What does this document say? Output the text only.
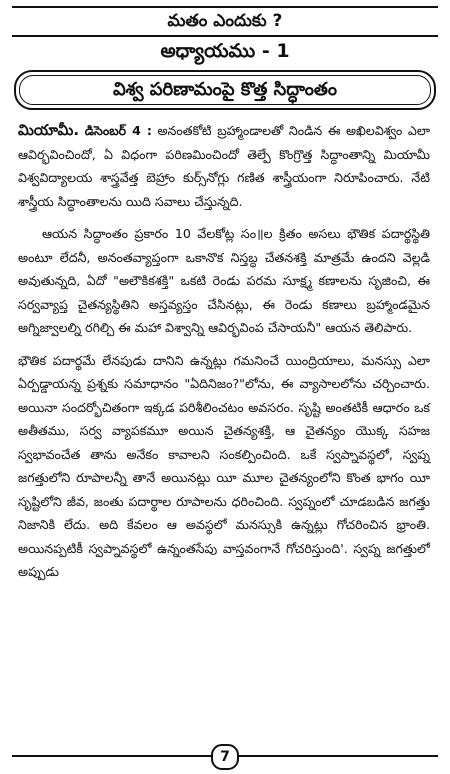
మతం ఎందుకు ?
అధ్యాయము - 1
విశ్వ పరిణామంపై కొత్త సిద్ధాంతం

మియామీ. డిసెంబర్ 4 : అనంతకోటి బ్రహ్మాండాలతో నిండిన ఈ అఖిలవిశ్వం ఎలా ఆవిర్భవించిందో, ఏ విధంగా పరిణమించిందో తెల్పే కొంగ్రొత్త సిద్ధాంతాన్ని మియామీ విశ్వవిద్యాలయ శాస్త్రవేత్త బెహ్రాం కుర్స్‌నోగ్లు గణిత శాస్త్రీయంగా నిరూపించారు. నేటి శాస్త్రీయ సిద్ధాంతాలను యిది సవాలు చేస్తున్నది.

ఆయన సిద్ధాంతం ప్రకారం 10 వేలకోట్ల సం॥ల క్రితం అసలు భౌతిక పదార్థస్థితి అంటూ లేదనీ, అనంతవ్యాప్తంగా ఒకానొక నిస్తబ్ధ చేతనశక్తి మాత్రమే ఉందని వెల్లడి అవుతున్నది, ఏదో "అలౌకికశక్తి" ఒకటి రెండు పరమ సూక్ష్మ కణాలను సృజించి, ఈ సర్వవ్యాప్త చైతన్యస్థితిని అస్తవ్యస్తం చేసినట్లు, ఈ రెండు కణాలు బ్రహ్మాండమైన అగ్నిజ్వాలల్ని రగిల్చి ఈ మహా విశ్వాన్ని ఆవిర్భవింప చేసాయనీ" ఆయన తెలిపారు.

భౌతిక పదార్థమే లేనపుడు దానిని ఉన్నట్లు గమనించే యింద్రియాలు, మనస్సు ఎలా ఏర్పడ్డాయన్న ప్రశ్నకు సమాధానం "ఏదినిజం?"లోను, ఈ వ్యాసాలలోను చర్చించారు. అయినా సందర్భోచితంగా ఇక్కడ పరిశీలించటం అవసరం. సృష్టి అంతటికీ ఆధారం ఒక అతీతము, సర్వ వ్యాపకమూ అయిన చైతన్యశక్తి, ఆ చైతన్యం యొక్క సహజ స్వభావంచేత తాను అనేకం కావాలని సంకల్పించింది. ఒకే స్వప్నావస్థలో, స్వప్న జగత్తులోని రూపాలన్నీ తానే అయినట్లు యీ మూల చైతన్యంలోని కొంత భాగం యీ సృష్టిలోని జీవ, జంతు పదార్థాల రూపాలను ధరించింది. స్వప్నంలో చూడబడిన జగత్తు నిజానికి లేదు. అది కేవలం ఆ అవస్థలో మనస్సుకి ఉన్నట్లు గోచరించిన భ్రాంతి. అయినప్పటికీ స్వప్నావస్థలో ఉన్నంతసేపు వాస్తవంగానే గోచరిస్తుంది'. స్వప్న జగత్తులో అప్పుడు

7
